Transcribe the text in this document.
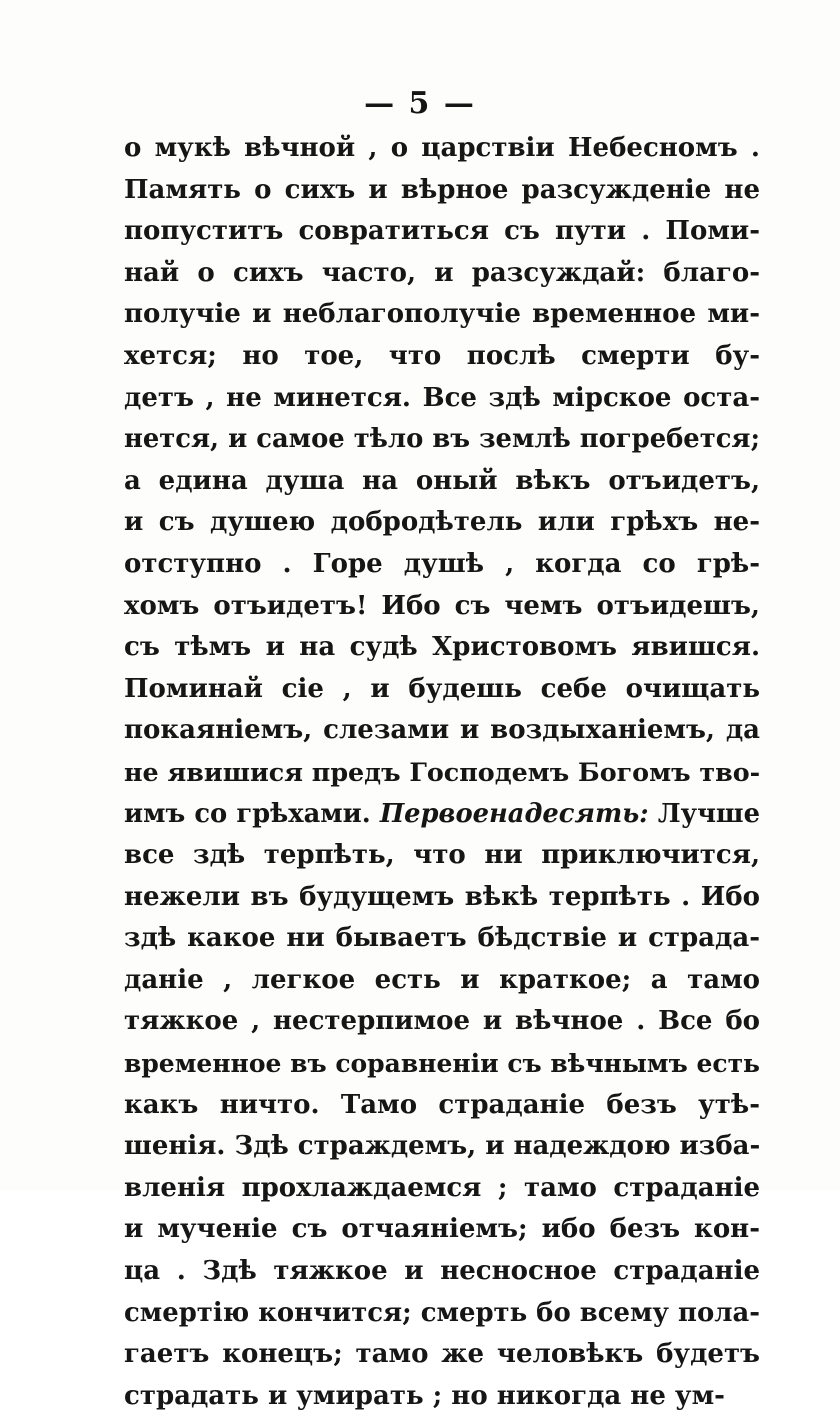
— 5 —
о мукѣ вѣчной , о царствіи Небесномъ .
Память о сихъ и вѣрное разсужденіе не
попуститъ совратиться съ пути . Поми-
най о сихъ часто, и разсуждай: благо-
получіе и неблагополучіе временное ми-
хется; но тое, что послѣ смерти бу-
детъ , не минется. Все здѣ мірское оста-
нется, и самое тѣло въ землѣ погребется;
а едина душа на оный вѣкъ отъидетъ,
и съ душею добродѣтель или грѣхъ не-
отступно . Горе душѣ , когда со грѣ-
хомъ отъидетъ! Ибо съ чемъ отъидешъ,
съ тѣмъ и на судѣ Христовомъ явишся.
Поминай сіе , и будешь себе очищать
покаяніемъ, слезами и воздыханіемъ, да
не явишися предъ Господемъ Богомъ тво-
имъ со грѣхами. Первоенадесять: Лучше
все здѣ терпѣть, что ни приключится,
нежели въ будущемъ вѣкѣ терпѣть . Ибо
здѣ какое ни бываетъ бѣдствіе и страда-
даніе , легкое есть и краткое; а тамо
тяжкое , нестерпимое и вѣчное . Все бо
временное въ соравненіи съ вѣчнымъ есть
какъ ничто. Тамо страданіе безъ утѣ-
шенія. Здѣ страждемъ, и надеждою изба-
вленія прохлаждаемся ; тамо страданіе
и мученіе съ отчаяніемъ; ибо безъ кон-
ца . Здѣ тяжкое и несносное страданіе
смертію кончится; смерть бо всему пола-
гаетъ конецъ; тамо же человѣкъ будетъ
страдать и умирать ; но никогда не ум-
